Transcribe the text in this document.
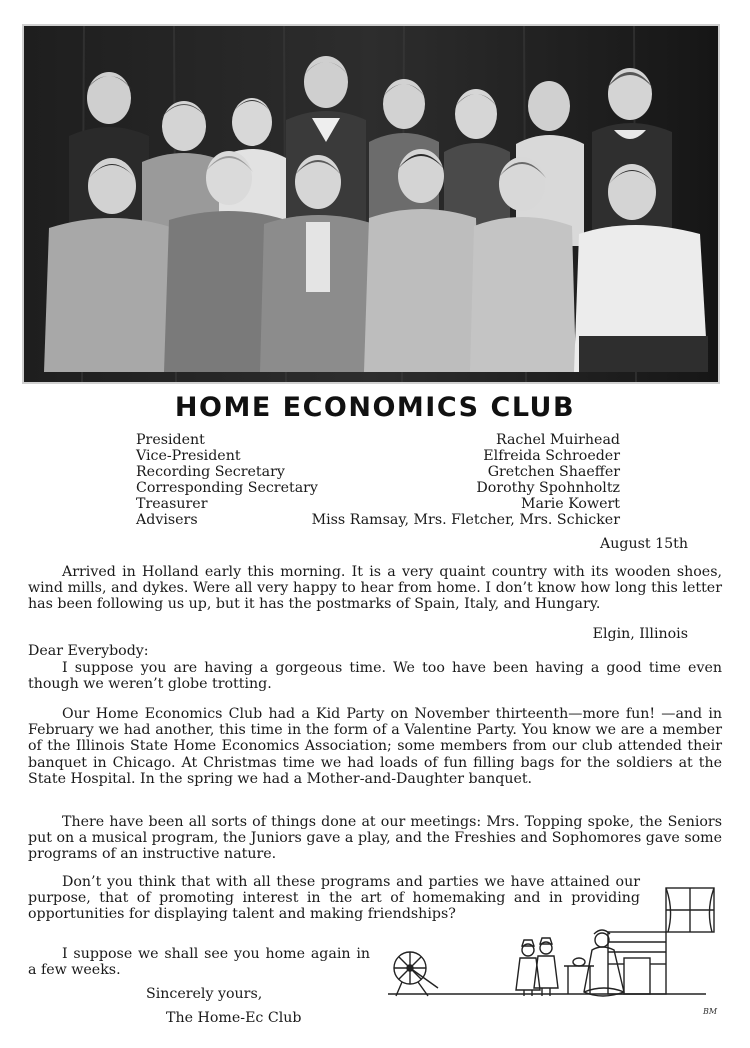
HOME ECONOMICS CLUB
President	Rachel Muirhead
Vice-President	Elfreida Schroeder
Recording Secretary	Gretchen Shaeffer
Corresponding Secretary	Dorothy Spohnholtz
Treasurer	Marie Kowert
Advisers	Miss Ramsay, Mrs. Fletcher, Mrs. Schicker
August 15th

Arrived in Holland early this morning. It is a very quaint country with its wooden shoes, wind mills, and dykes. Were all very happy to hear from home. I don’t know how long this letter has been following us up, but it has the postmarks of Spain, Italy, and Hungary.

Elgin, Illinois
Dear Everybody:

I suppose you are having a gorgeous time. We too have been having a good time even though we weren’t globe trotting.

Our Home Economics Club had a Kid Party on November thirteenth—more fun! —and in February we had another, this time in the form of a Valentine Party. You know we are a member of the Illinois State Home Economics Association; some members from our club attended their banquet in Chicago. At Christmas time we had loads of fun filling bags for the soldiers at the State Hospital. In the spring we had a Mother-and-Daughter banquet.

There have been all sorts of things done at our meetings: Mrs. Topping spoke, the Seniors put on a musical program, the Juniors gave a play, and the Freshies and Sophomores gave some programs of an instructive nature.

Don’t you think that with all these programs and parties we have attained our purpose, that of promoting interest in the art of homemaking and in providing opportunities for displaying talent and making friendships?

I suppose we shall see you home again in a few weeks.

Sincerely yours,
The Home-Ec Club	BM
